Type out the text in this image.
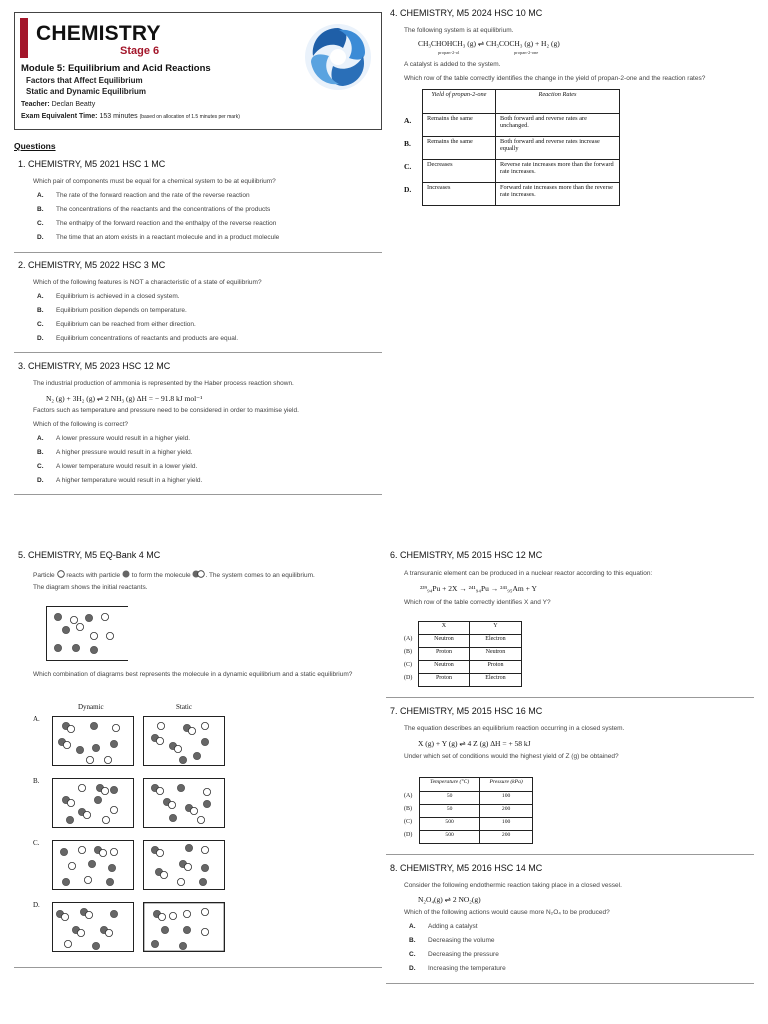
CHEMISTRY
Stage 6
Module 5: Equilibrium and Acid Reactions
Factors that Affect Equilibrium
Static and Dynamic Equilibrium
Teacher: Declan Beatty
Exam Equivalent Time: 153 minutes (based on allocation of 1.5 minutes per mark)
Questions
1. CHEMISTRY, M5 2021 HSC 1 MC
Which pair of components must be equal for a chemical system to be at equilibrium?
A. The rate of the forward reaction and the rate of the reverse reaction
B. The concentrations of the reactants and the concentrations of the products
C. The enthalpy of the forward reaction and the enthalpy of the reverse reaction
D. The time that an atom exists in a reactant molecule and in a product molecule
2. CHEMISTRY, M5 2022 HSC 3 MC
Which of the following features is NOT a characteristic of a state of equilibrium?
A. Equilibrium is achieved in a closed system.
B. Equilibrium position depends on temperature.
C. Equilibrium can be reached from either direction.
D. Equilibrium concentrations of reactants and products are equal.
3. CHEMISTRY, M5 2023 HSC 12 MC
The industrial production of ammonia is represented by the Haber process reaction shown.
N₂ (g) + 3H₂ (g) ⇌ 2 NH₃ (g) ΔH = − 91.8 kJ mol⁻¹
Factors such as temperature and pressure need to be considered in order to maximise yield.
Which of the following is correct?
A. A lower pressure would result in a higher yield.
B. A higher pressure would result in a higher yield.
C. A lower temperature would result in a lower yield.
D. A higher temperature would result in a higher yield.
4. CHEMISTRY, M5 2024 HSC 10 MC
The following system is at equilibrium.
CH₃CHOHCH₃ (g) ⇌ CH₃COCH₃ (g) + H₂ (g)
propan-2-ol	propan-2-one
A catalyst is added to the system.
Which row of the table correctly identifies the change in the yield of propan-2-one and the reaction rates?
A.
B.
C.
D.
Yield of propan-2-one	Reaction Rates
Remains the same	Both forward and reverse rates are unchanged.
Remains the same	Both forward and reverse rates increase equally
Decreases	Reverse rate increases more than the forward rate increases.
Increases	Forward rate increases more than the reverse rate increases.
5. CHEMISTRY, M5 EQ-Bank 4 MC
Particle reacts with particle to form the molecule . The system comes to an equilibrium.
The diagram shows the initial reactants.
Which combination of diagrams best represents the molecule in a dynamic equilibrium and a static equilibrium?
Dynamic	Static
A.
B.
C.
D.
6. CHEMISTRY, M5 2015 HSC 12 MC
A transuranic element can be produced in a nuclear reactor according to this equation:
²³⁹₉₄Pu + 2X → ²⁴¹₉₄Pu → ²⁴¹₉₅Am + Y
Which row of the table correctly identifies X and Y?
(A)
(B)
(C)
(D)
X	Y
Neutron	Electron
Proton	Neutron
Neutron	Proton
Proton	Electron
7. CHEMISTRY, M5 2015 HSC 16 MC
The equation describes an equilibrium reaction occurring in a closed system.
X (g) + Y (g) ⇌ 4 Z (g) ΔH = + 58 kJ
Under which set of conditions would the highest yield of Z (g) be obtained?
(A)
(B)
(C)
(D)
Temperature (°C)	Pressure (kPa)
50	100
50	200
500	100
500	200
8. CHEMISTRY, M5 2016 HSC 14 MC
Consider the following endothermic reaction taking place in a closed vessel.
N₂O₄(g) ⇌ 2 NO₂(g)
Which of the following actions would cause more N₂O₄ to be produced?
A. Adding a catalyst
B. Decreasing the volume
C. Decreasing the pressure
D. Increasing the temperature
